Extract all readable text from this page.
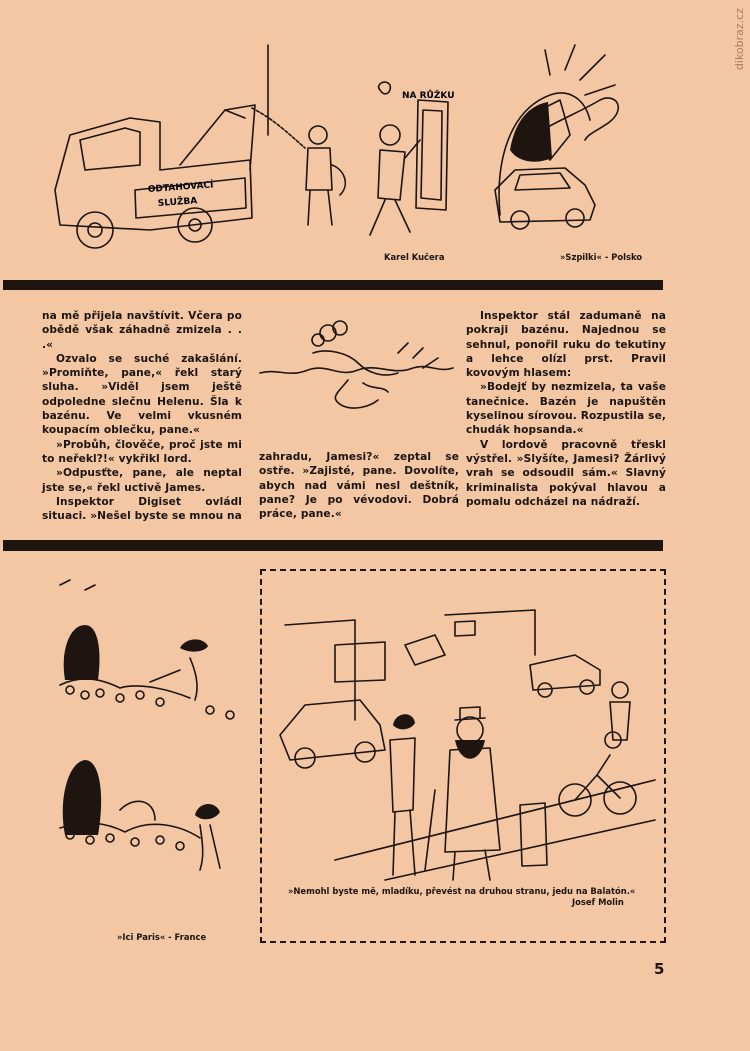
dikobraz.cz
ODTAHOVACÍ
SLUŽBA
NA RŮŽKU
Karel Kučera	»Szpilki« - Polsko

na mě přijela navštívit. Včera po obědě však záhadně zmizela . . .«

Ozvalo se suché zakašlání. »Promiňte, pane,« řekl starý sluha. »Viděl jsem ještě odpoledne slečnu Helenu. Šla k bazénu. Ve velmi vkusném koupacím oblečku, pane.«

»Probůh, člověče, proč jste mi to neřekl?!« vykřikl lord.

»Odpusťte, pane, ale neptal jste se,« řekl uctivě James.

Inspektor Digiset ovládl situaci. »Nešel byste se mnou na

zahradu, Jamesi?« zeptal se ostře. »Zajisté, pane. Dovolíte, abych nad vámi nesl deštník, pane? Je po vévodovi. Dobrá práce, pane.«

Inspektor stál zadumaně na pokraji bazénu. Najednou se sehnul, ponořil ruku do tekutiny a lehce olízl prst. Pravil kovovým hlasem:

»Bodejť by nezmizela, ta vaše tanečnice. Bazén je napuštěn kyselinou sírovou. Rozpustila se, chudák hopsanda.«

V lordově pracovně třeskl výstřel. »Slyšíte, Jamesi? Žárlivý vrah se odsoudil sám.« Slavný kriminalista pokýval hlavou a pomalu odcházel na nádraží.

»Ici Paris« - France
»Nemohl byste mě, mladíku, převést na druhou stranu, jedu na Balatón.«
Josef Molin
5
